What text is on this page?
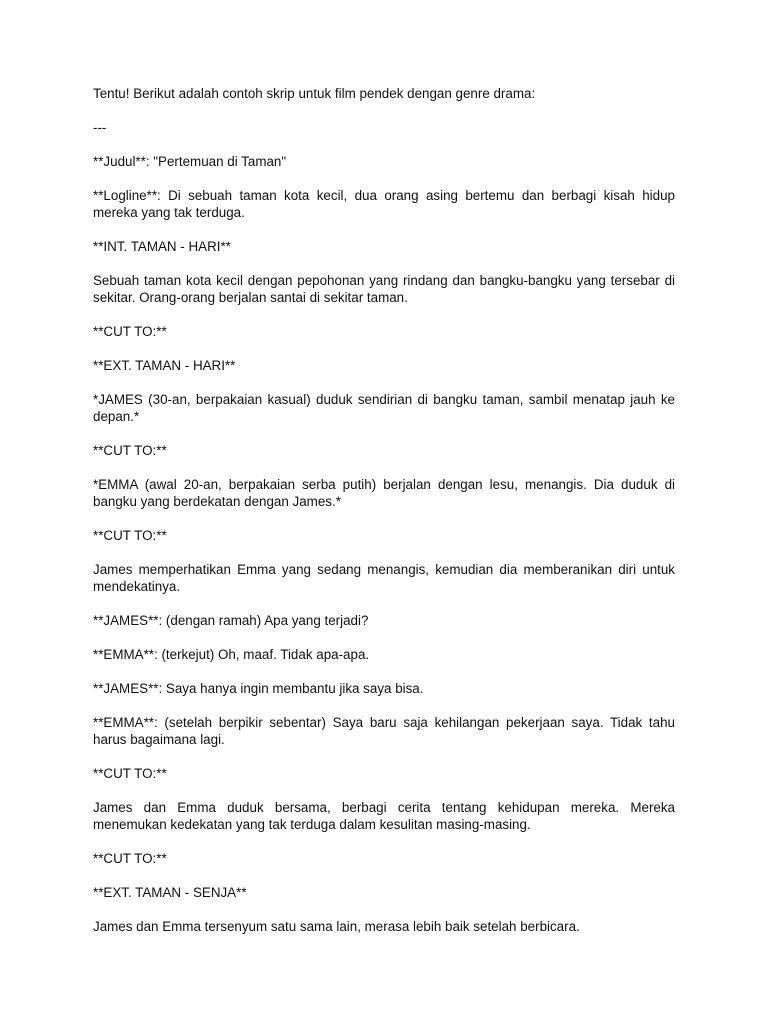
Tentu! Berikut adalah contoh skrip untuk film pendek dengan genre drama:

---

**Judul**: "Pertemuan di Taman"

**Logline**: Di sebuah taman kota kecil, dua orang asing bertemu dan berbagi kisah hidup mereka yang tak terduga.

**INT. TAMAN - HARI**

Sebuah taman kota kecil dengan pepohonan yang rindang dan bangku-bangku yang tersebar di sekitar. Orang-orang berjalan santai di sekitar taman.

**CUT TO:**

**EXT. TAMAN - HARI**

*JAMES (30-an, berpakaian kasual) duduk sendirian di bangku taman, sambil menatap jauh ke depan.*

**CUT TO:**

*EMMA (awal 20-an, berpakaian serba putih) berjalan dengan lesu, menangis. Dia duduk di bangku yang berdekatan dengan James.*

**CUT TO:**

James memperhatikan Emma yang sedang menangis, kemudian dia memberanikan diri untuk mendekatinya.

**JAMES**: (dengan ramah) Apa yang terjadi?

**EMMA**: (terkejut) Oh, maaf. Tidak apa-apa.

**JAMES**: Saya hanya ingin membantu jika saya bisa.

**EMMA**: (setelah berpikir sebentar) Saya baru saja kehilangan pekerjaan saya. Tidak tahu harus bagaimana lagi.

**CUT TO:**

James dan Emma duduk bersama, berbagi cerita tentang kehidupan mereka. Mereka menemukan kedekatan yang tak terduga dalam kesulitan masing-masing.

**CUT TO:**

**EXT. TAMAN - SENJA**

James dan Emma tersenyum satu sama lain, merasa lebih baik setelah berbicara.
